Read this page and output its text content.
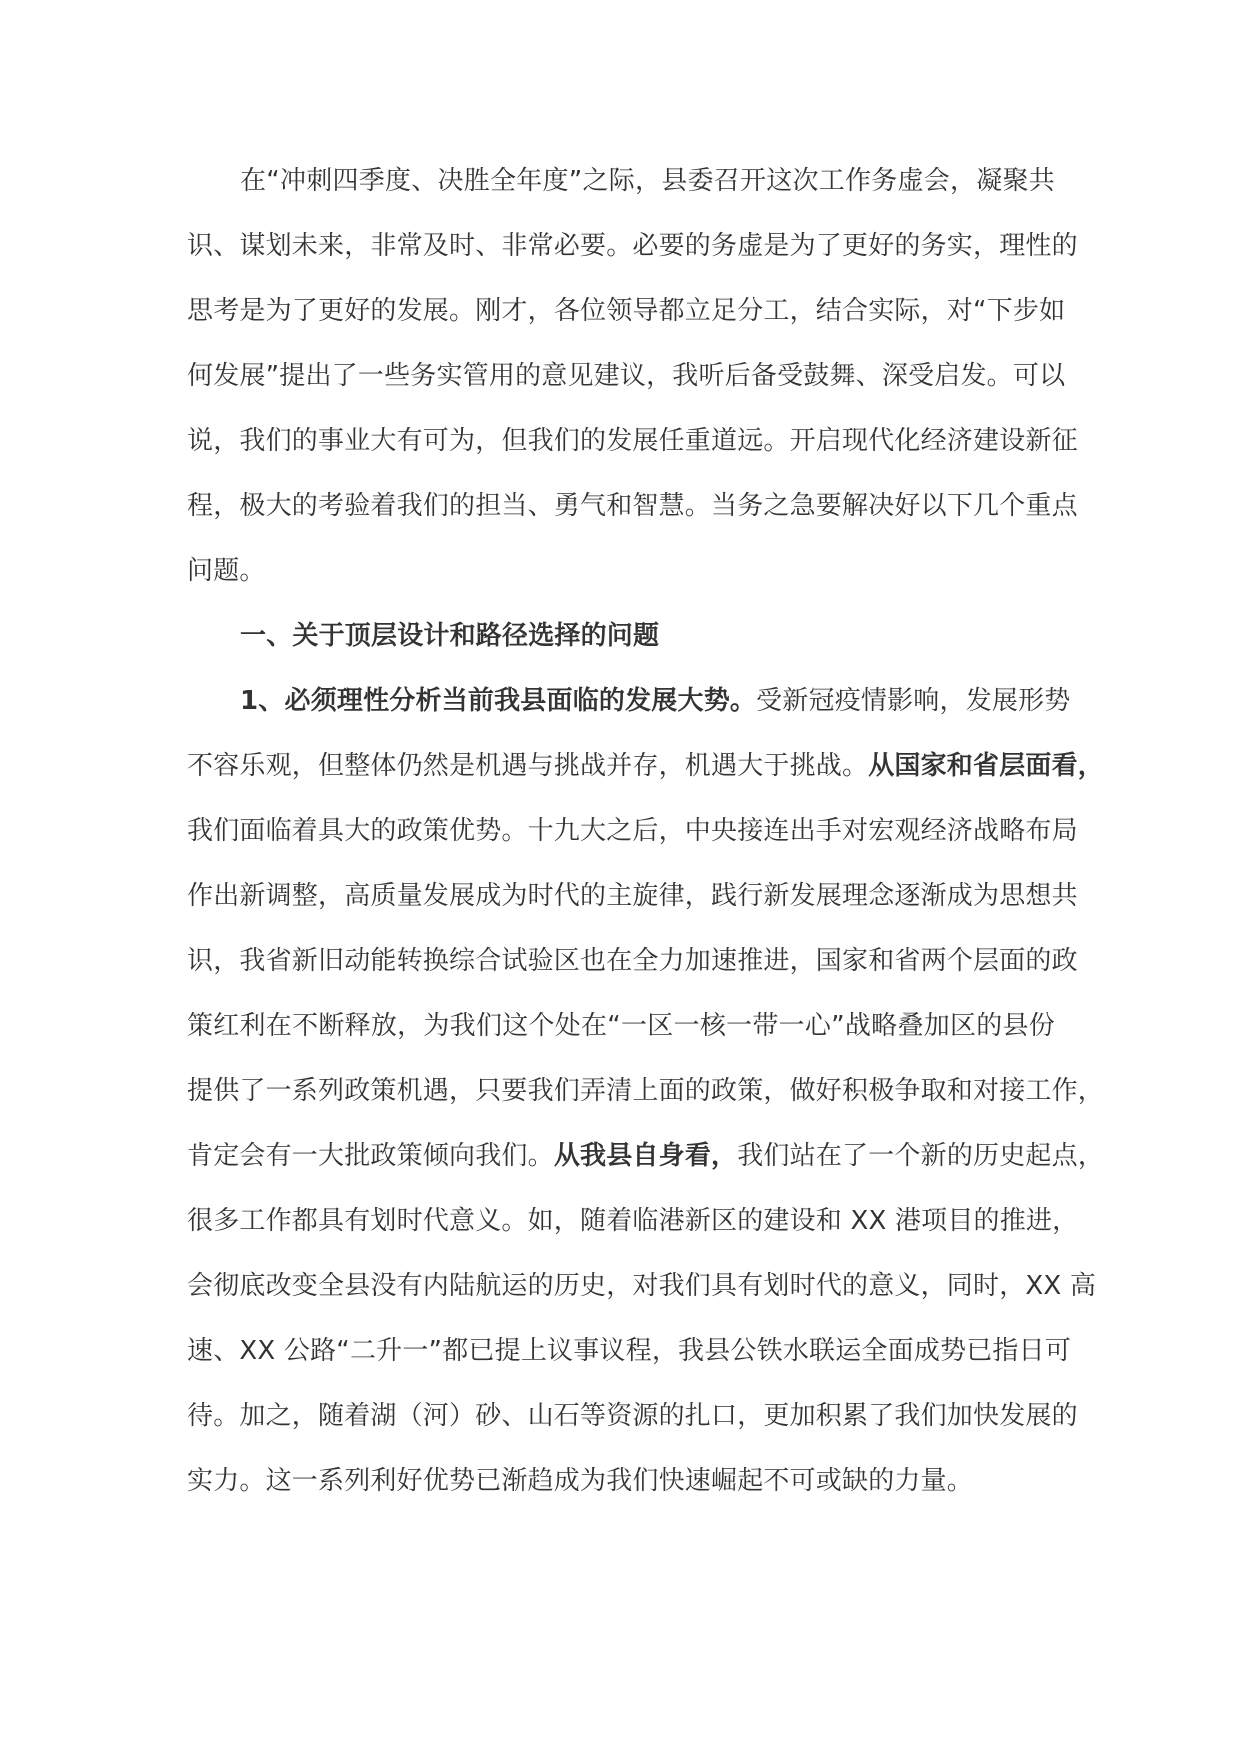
在“冲刺四季度、决胜全年度”之际，县委召开这次工作务虚会，凝聚共
识、谋划未来，非常及时、非常必要。必要的务虚是为了更好的务实，理性的
思考是为了更好的发展。刚才，各位领导都立足分工，结合实际，对“下步如
何发展”提出了一些务实管用的意见建议，我听后备受鼓舞、深受启发。可以
说，我们的事业大有可为，但我们的发展任重道远。开启现代化经济建设新征
程，极大的考验着我们的担当、勇气和智慧。当务之急要解决好以下几个重点
问题。
一、关于顶层设计和路径选择的问题
1、必须理性分析当前我县面临的发展大势。受新冠疫情影响，发展形势
不容乐观，但整体仍然是机遇与挑战并存，机遇大于挑战。从国家和省层面看，
我们面临着具大的政策优势。十九大之后，中央接连出手对宏观经济战略布局
作出新调整，高质量发展成为时代的主旋律，践行新发展理念逐渐成为思想共
识，我省新旧动能转换综合试验区也在全力加速推进，国家和省两个层面的政
策红利在不断释放，为我们这个处在“一区一核一带一心”战略叠加区的县份
提供了一系列政策机遇，只要我们弄清上面的政策，做好积极争取和对接工作，
肯定会有一大批政策倾向我们。从我县自身看，我们站在了一个新的历史起点，
很多工作都具有划时代意义。如，随着临港新区的建设和 XX 港项目的推进，
会彻底改变全县没有内陆航运的历史，对我们具有划时代的意义，同时，XX 高
速、XX 公路“二升一”都已提上议事议程，我县公铁水联运全面成势已指日可
待。加之，随着湖（河）砂、山石等资源的扎口，更加积累了我们加快发展的
实力。这一系列利好优势已渐趋成为我们快速崛起不可或缺的力量。
